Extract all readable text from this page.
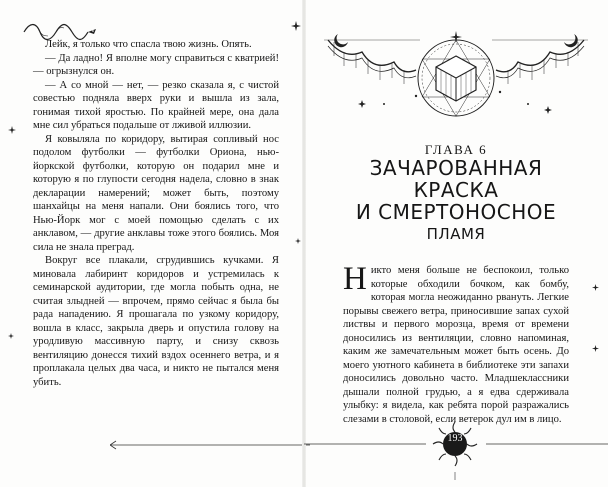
Лейк, я только что спасла твою жизнь. Опять.

— Да ладно! Я вполне могу справиться с кватрией! — огрызнулся он.

— А со мной — нет, — резко сказала я, с чистой совестью подняла вверх руки и вышла из зала, гонимая тихой яростью. По крайней мере, она дала мне сил убраться подальше от лживой иллюзии.

Я ковыляла по коридору, вытирая сопливый нос подолом футболки — футболки Ориона, нью-йоркской футболки, которую он подарил мне и которую я по глупости сегодня надела, словно в знак декларации намерений; может быть, поэтому шанхайцы на меня напали. Они боялись того, что Нью-Йорк мог с моей помощью сделать с их анклавом, — другие анклавы тоже этого боялись. Моя сила не знала преград.

Вокруг все плакали, сгрудившись кучками. Я миновала лабиринт коридоров и устремилась к семинарской аудитории, где могла побыть одна, не считая злыдней — впрочем, прямо сейчас я была бы рада нападению. Я прошагала по узкому коридору, вошла в класс, закрыла дверь и опустила голову на уродливую массивную парту, и снизу сквозь вентиляцию донесся тихий вздох осеннего ветра, и я проплакала целых два часа, и никто не пытался меня убить.

ГЛАВА 6
ЗАЧАРОВАННАЯ
КРАСКА
И СМЕРТОНОСНОЕ
ПЛАМЯ

Никто меня больше не беспокоил, только которые обходили бочком, как бомбу, которая могла неожиданно рвануть. Легкие порывы свежего ветра, приносившие запах сухой листвы и первого морозца, время от времени доносились из вентиляции, словно напоминая, каким же замечательным может быть осень. До моего уютного кабинета в библиотеке эти запахи доносились довольно часто. Младшеклассники дышали полной грудью, а я едва сдерживала улыбку: я видела, как ребята порой разражались слезами в столовой, если ветерок дул им в лицо.

193
